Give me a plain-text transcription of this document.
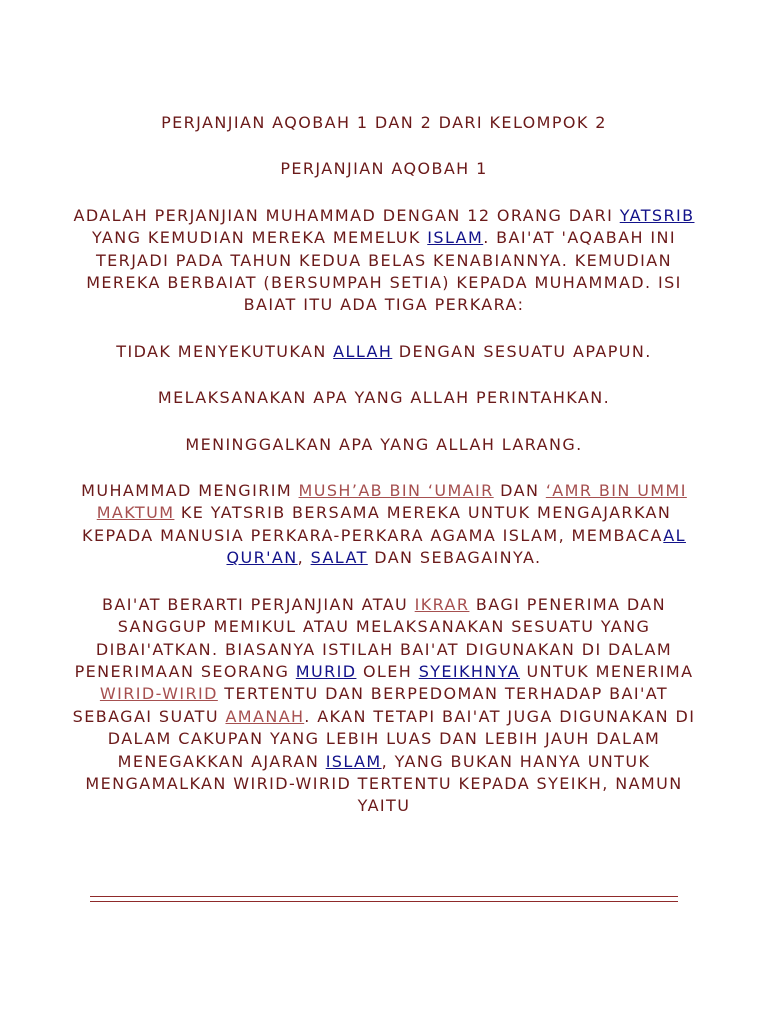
PERJANJIAN AQOBAH 1 DAN 2 DARI KELOMPOK 2

PERJANJIAN AQOBAH 1

ADALAH PERJANJIAN MUHAMMAD DENGAN 12 ORANG DARI YATSRIB YANG KEMUDIAN MEREKA MEMELUK ISLAM. BAI'AT 'AQABAH INI TERJADI PADA TAHUN KEDUA BELAS KENABIANNYA. KEMUDIAN MEREKA BERBAIAT (BERSUMPAH SETIA) KEPADA MUHAMMAD. ISI BAIAT ITU ADA TIGA PERKARA:

TIDAK MENYEKUTUKAN ALLAH DENGAN SESUATU APAPUN.

MELAKSANAKAN APA YANG ALLAH PERINTAHKAN.

MENINGGALKAN APA YANG ALLAH LARANG.

MUHAMMAD MENGIRIM MUSH’AB BIN ‘UMAIR DAN ‘AMR BIN UMMI MAKTUM KE YATSRIB BERSAMA MEREKA UNTUK MENGAJARKAN KEPADA MANUSIA PERKARA-PERKARA AGAMA ISLAM, MEMBACAAL QUR'AN, SALAT DAN SEBAGAINYA.

BAI'AT BERARTI PERJANJIAN ATAU IKRAR BAGI PENERIMA DAN SANGGUP MEMIKUL ATAU MELAKSANAKAN SESUATU YANG DIBAI'ATKAN. BIASANYA ISTILAH BAI'AT DIGUNAKAN DI DALAM PENERIMAAN SEORANG MURID OLEH SYEIKHNYA UNTUK MENERIMA WIRID-WIRID TERTENTU DAN BERPEDOMAN TERHADAP BAI'AT SEBAGAI SUATU AMANAH. AKAN TETAPI BAI'AT JUGA DIGUNAKAN DI DALAM CAKUPAN YANG LEBIH LUAS DAN LEBIH JAUH DALAM MENEGAKKAN AJARAN ISLAM, YANG BUKAN HANYA UNTUK MENGAMALKAN WIRID-WIRID TERTENTU KEPADA SYEIKH, NAMUN YAITU
